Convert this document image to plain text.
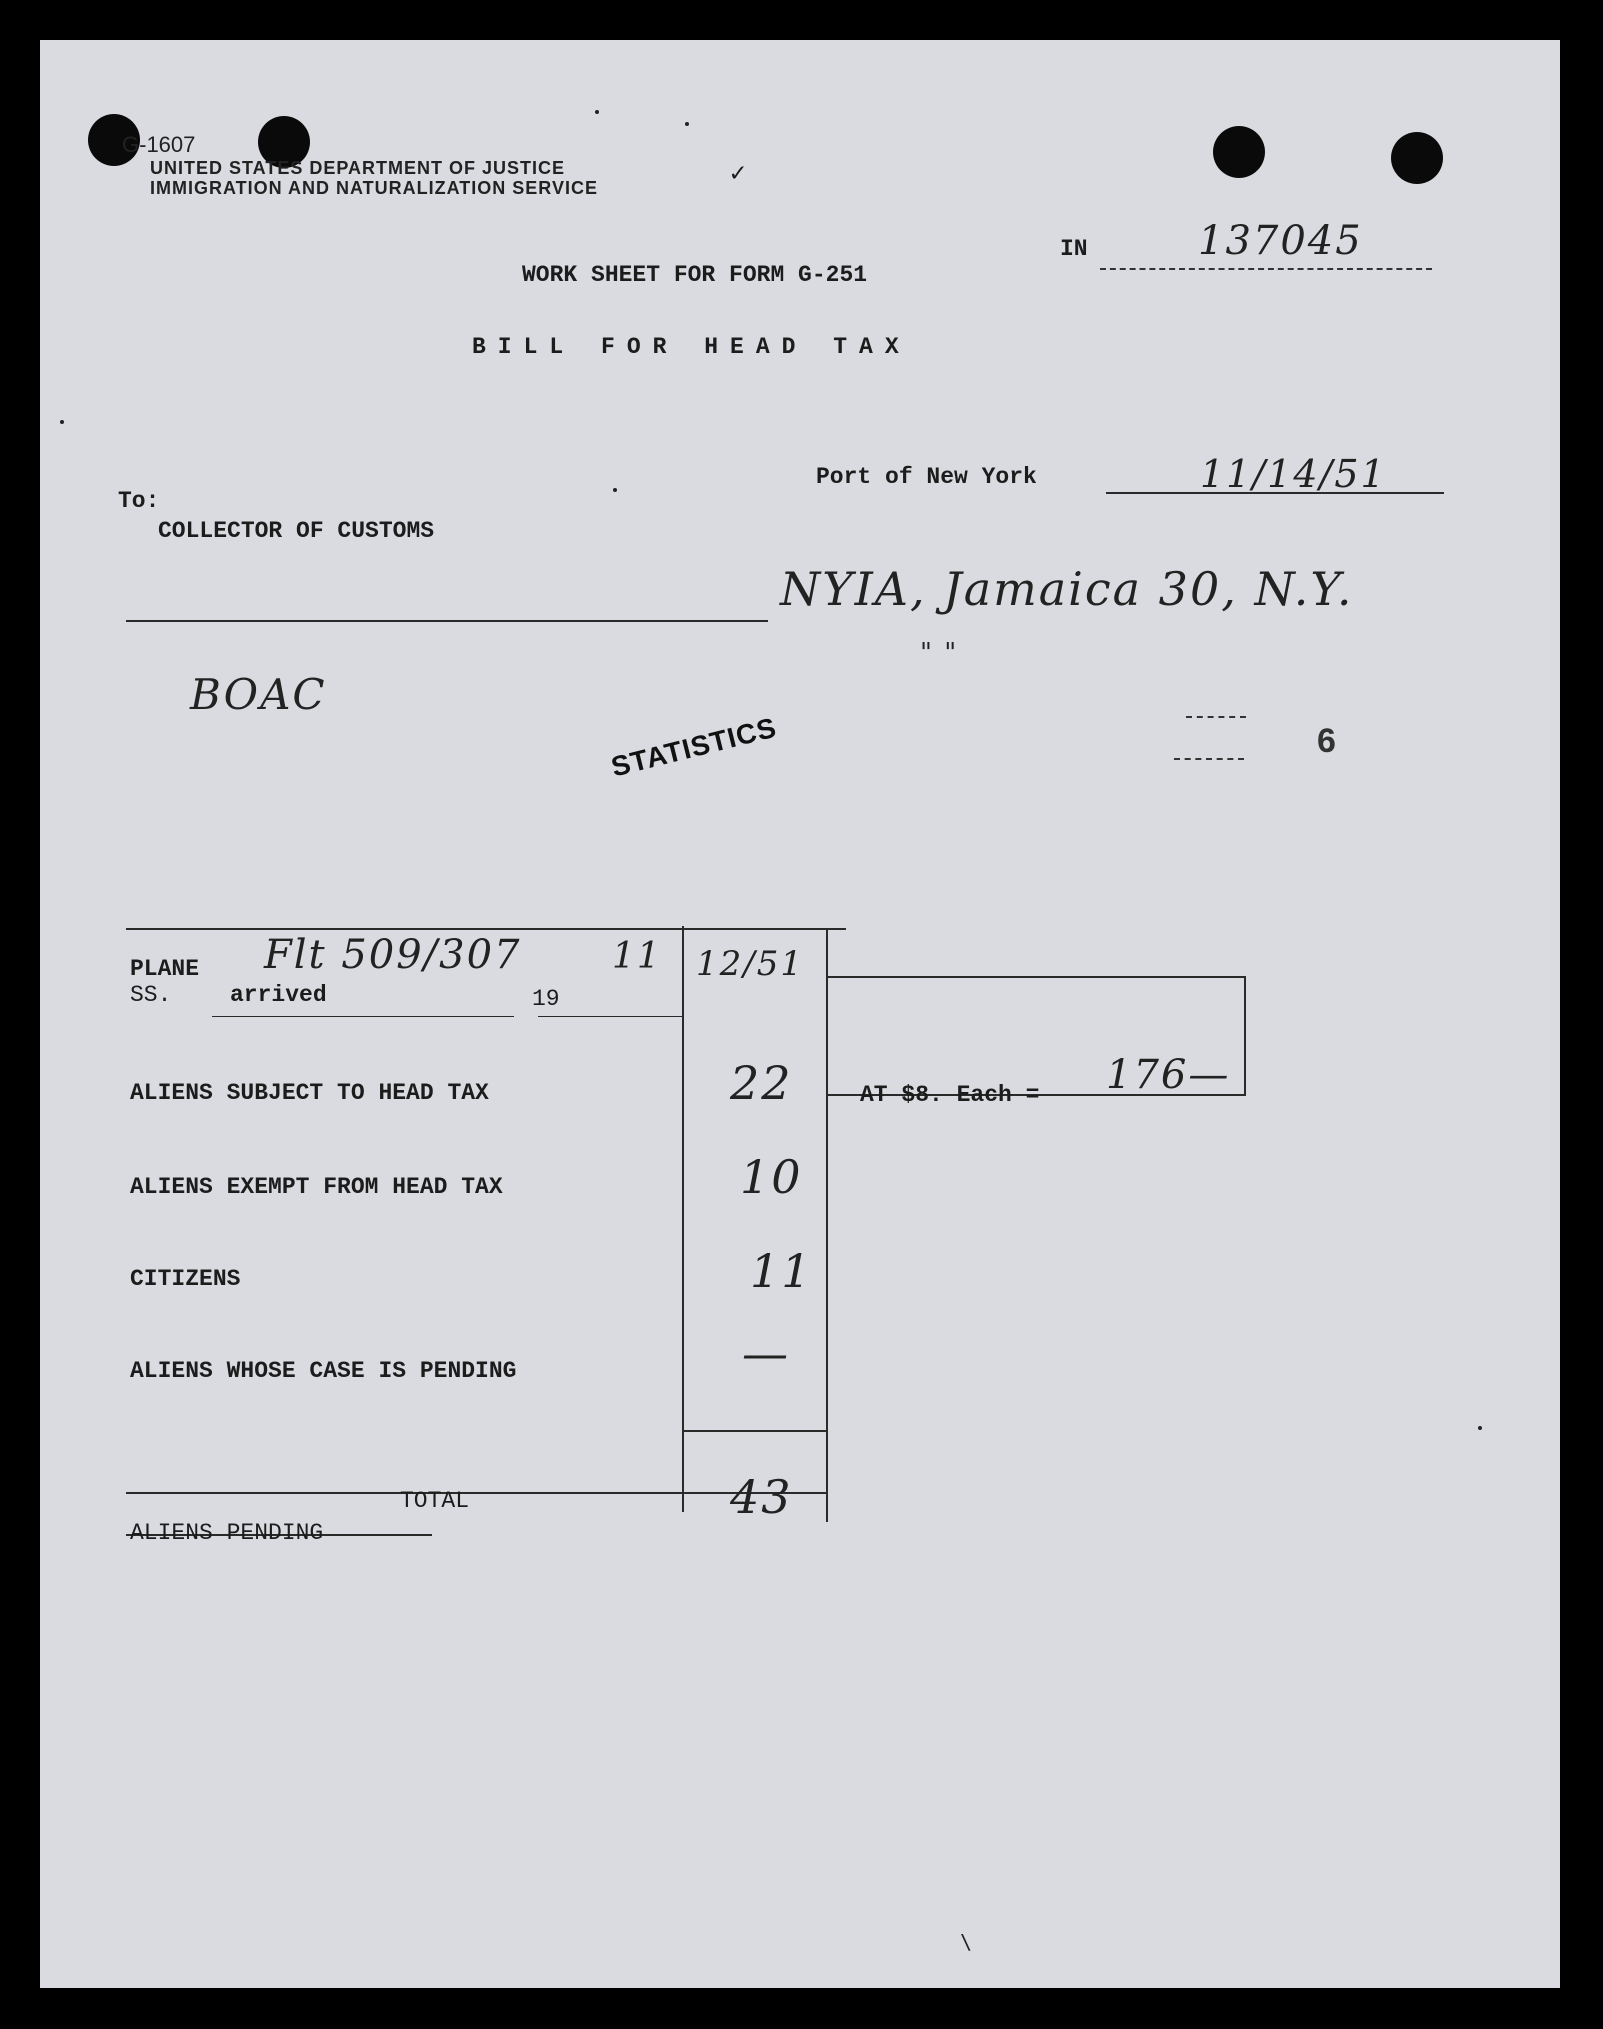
G-1607
UNITED STATES DEPARTMENT OF JUSTICE
IMMIGRATION AND NATURALIZATION SERVICE	✓
IN	137045
WORK SHEET FOR FORM G-251
BILL FOR HEAD TAX
Port of New York	11/14/51
To:
COLLECTOR OF CUSTOMS
NYIA, Jamaica 30, N.Y.
" "
BOAC
STATISTICS	6
PLANE
SS.	arrived	19
Flt 509/307	11 12/51
ALIENS SUBJECT TO HEAD TAX	22	AT $8. Each = 176—
ALIENS EXEMPT FROM HEAD TAX	10
CITIZENS	11
ALIENS WHOSE CASE IS PENDING	—
TOTAL	43
ALIENS PENDING
\
